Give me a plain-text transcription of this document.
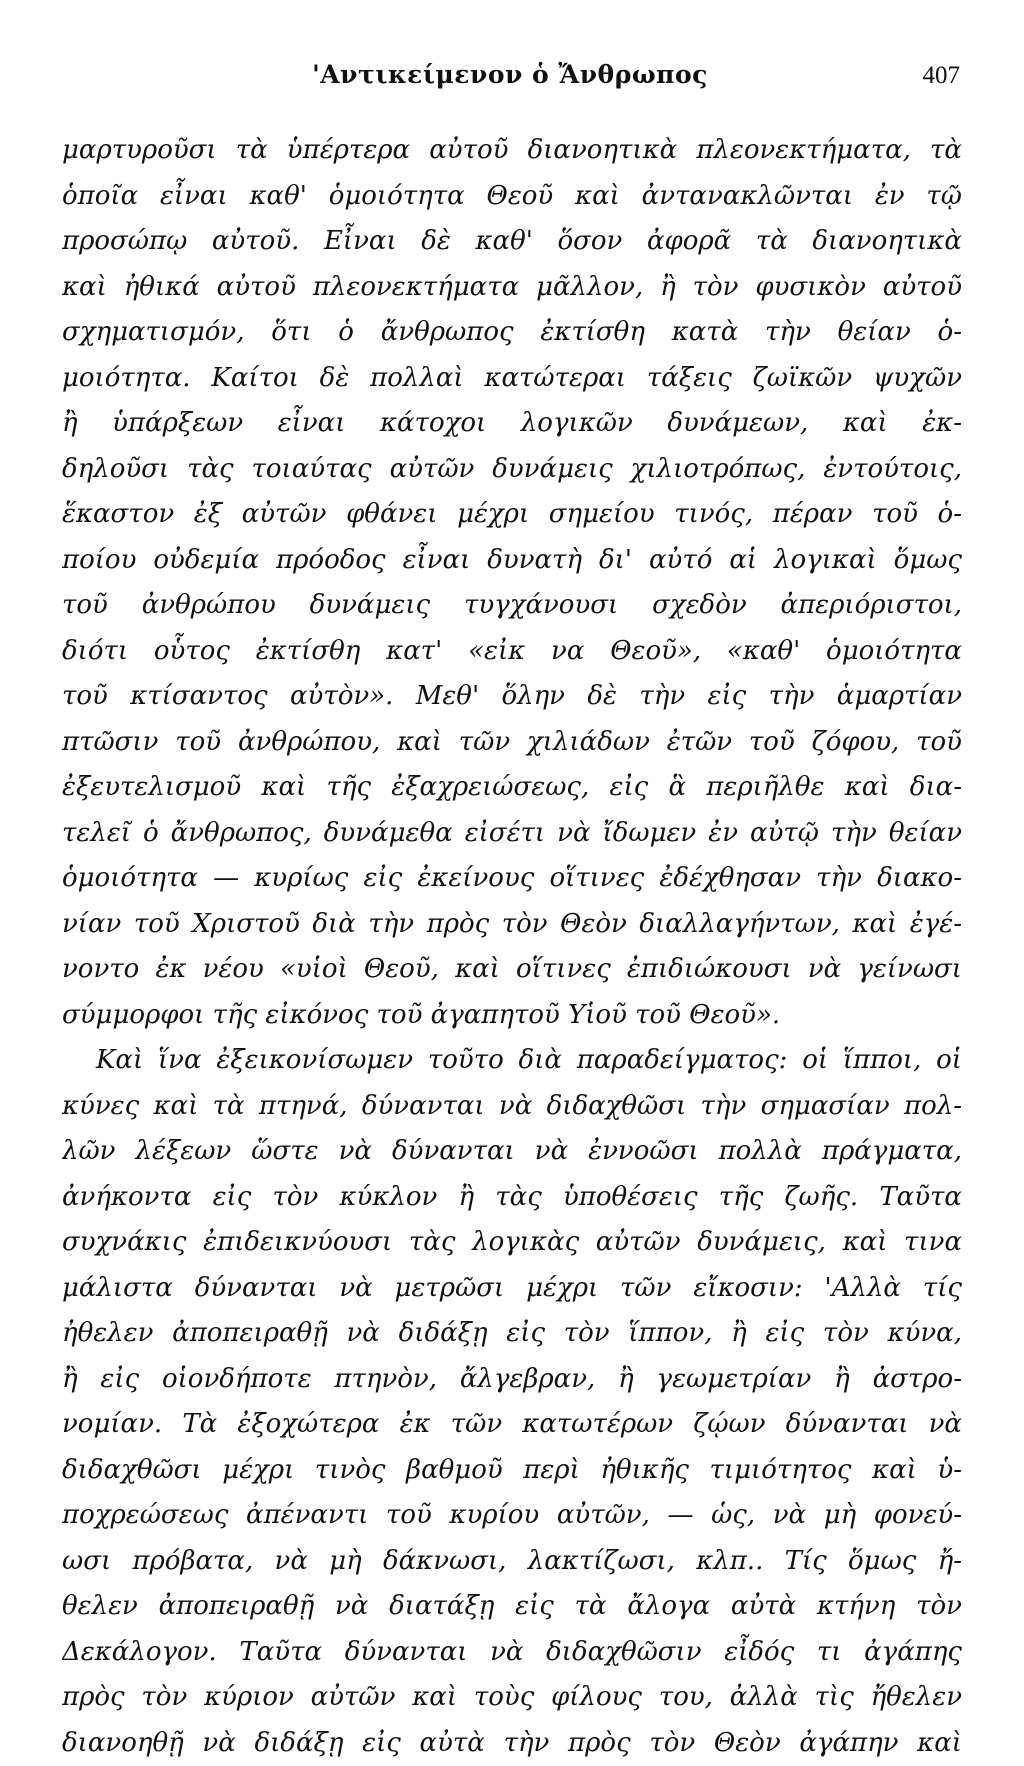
'Αντικείμενον ὁ Ἄνθρωπος	407
μαρτυροῦσι τὰ ὑπέρτερα αὐτοῦ διανοητικὰ πλεονεκτήματα, τὰ
ὁποῖα εἶναι καθ' ὁμοιότητα Θεοῦ καὶ ἀντανακλῶνται ἐν τῷ
προσώπῳ αὐτοῦ. Εἶναι δὲ καθ' ὅσον ἀφορᾶ τὰ διανοητικὰ
καὶ ἠθικά αὐτοῦ πλεονεκτήματα μᾶλλον, ἢ τὸν φυσικὸν αὐτοῦ
σχηματισμόν, ὅτι ὁ ἄνθρωπος ἐκτίσθη κατὰ τὴν θείαν ὁ-
μοιότητα. Καίτοι δὲ πολλαὶ κατώτεραι τάξεις ζωϊκῶν ψυχῶν
ἢ ὑπάρξεων εἶναι κάτοχοι λογικῶν δυνάμεων, καὶ ἐκ-
δηλοῦσι τὰς τοιαύτας αὐτῶν δυνάμεις χιλιοτρόπως, ἐντούτοις,
ἕκαστον ἐξ αὐτῶν φθάνει μέχρι σημείου τινός, πέραν τοῦ ὁ-
ποίου οὐδεμία πρόοδος εἶναι δυνατὴ δι' αὐτό αἱ λογικαὶ ὅμως
τοῦ ἀνθρώπου δυνάμεις τυγχάνουσι σχεδὸν ἀπεριόριστοι,
διότι οὗτος ἐκτίσθη κατ' «εἰκ να Θεοῦ», «καθ' ὁμοιότητα
τοῦ κτίσαντος αὐτὸν». Μεθ' ὅλην δὲ τὴν εἰς τὴν ἁμαρτίαν
πτῶσιν τοῦ ἀνθρώπου, καὶ τῶν χιλιάδων ἐτῶν τοῦ ζόφου, τοῦ
ἐξευτελισμοῦ καὶ τῆς ἐξαχρειώσεως, εἰς ἃ περιῆλθε καὶ δια-
τελεῖ ὁ ἄνθρωπος, δυνάμεθα εἰσέτι νὰ ἴδωμεν ἐν αὐτῷ τὴν θείαν
ὁμοιότητα — κυρίως εἰς ἐκείνους οἵτινες ἐδέχθησαν τὴν διακο-
νίαν τοῦ Χριστοῦ διὰ τὴν πρὸς τὸν Θεὸν διαλλαγήντων, καὶ ἐγέ-
νοντο ἐκ νέου «υἱοὶ Θεοῦ, καὶ οἵτινες ἐπιδιώκουσι νὰ γείνωσι
σύμμορφοι τῆς εἰκόνος τοῦ ἀγαπητοῦ Υἱοῦ τοῦ Θεοῦ».
Καὶ ἵνα ἐξεικονίσωμεν τοῦτο διὰ παραδείγματος: οἱ ἵπποι, οἱ
κύνες καὶ τὰ πτηνά, δύνανται νὰ διδαχθῶσι τὴν σημασίαν πολ-
λῶν λέξεων ὥστε νὰ δύνανται νὰ ἐννοῶσι πολλὰ πράγματα,
ἀνήκοντα εἰς τὸν κύκλον ἢ τὰς ὑποθέσεις τῆς ζωῆς. Ταῦτα
συχνάκις ἐπιδεικνύουσι τὰς λογικὰς αὐτῶν δυνάμεις, καὶ τινα
μάλιστα δύνανται νὰ μετρῶσι μέχρι τῶν εἴκοσιν: 'Αλλὰ τίς
ἠθελεν ἀποπειραθῇ νὰ διδάξῃ εἰς τὸν ἵππον, ἢ εἰς τὸν κύνα,
ἢ εἰς οἱονδήποτε πτηνὸν, ἄλγεβραν, ἢ γεωμετρίαν ἢ ἀστρο-
νομίαν. Τὰ ἐξοχώτερα ἐκ τῶν κατωτέρων ζῴων δύνανται νὰ
διδαχθῶσι μέχρι τινὸς βαθμοῦ περὶ ἠθικῆς τιμιότητος καὶ ὑ-
ποχρεώσεως ἀπέναντι τοῦ κυρίου αὐτῶν, — ὡς, νὰ μὴ φονεύ-
ωσι πρόβατα, νὰ μὴ δάκνωσι, λακτίζωσι, κλπ.. Τίς ὅμως ἤ-
θελεν ἀποπειραθῇ νὰ διατάξῃ εἰς τὰ ἄλογα αὐτὰ κτήνη τὸν
Δεκάλογον. Ταῦτα δύνανται νὰ διδαχθῶσιν εἶδός τι ἀγάπης
πρὸς τὸν κύριον αὐτῶν καὶ τοὺς φίλους του, ἀλλὰ τὶς ἤθελεν
διανοηθῇ νὰ διδάξῃ εἰς αὐτὰ τὴν πρὸς τὸν Θεὸν ἀγάπην καὶ
